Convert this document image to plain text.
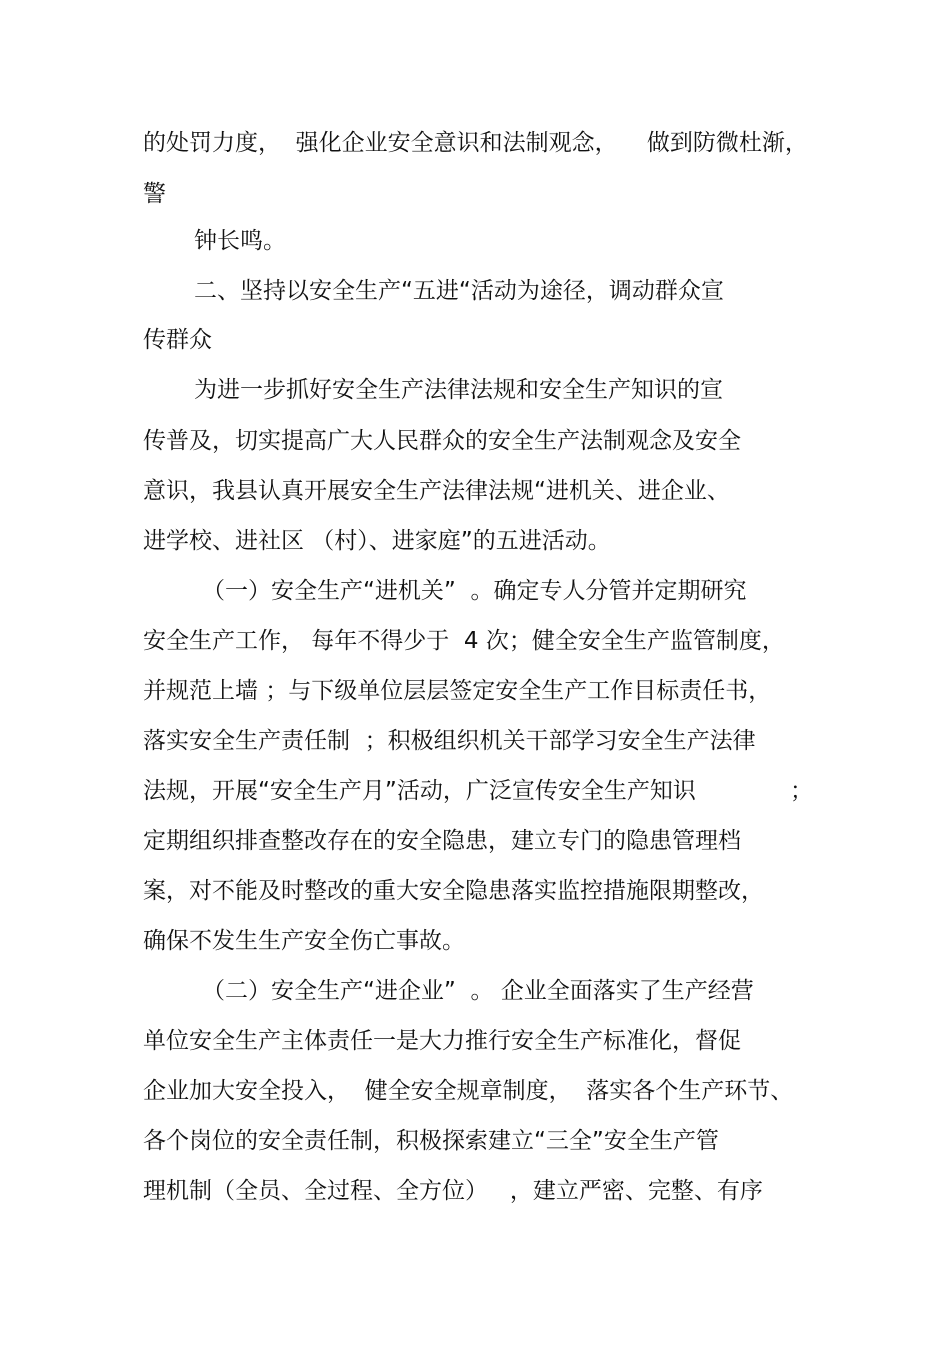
的处罚力度，  强化企业安全意识和法制观念，    做到防微杜渐，

警

钟长鸣。

二、坚持以安全生产“五进“活动为途径，调动群众宣

传群众

为进一步抓好安全生产法律法规和安全生产知识的宣

传普及，切实提高广大人民群众的安全生产法制观念及安全

意识，我县认真开展安全生产法律法规“进机关、进企业、

进学校、进社区 （村）、进家庭”的五进活动。

（一）安全生产“进机关”  。确定专人分管并定期研究

安全生产工作， 每年不得少于  4 次；健全安全生产监管制度，

并规范上墙 ；与下级单位层层签定安全生产工作目标责任书，

落实安全生产责任制  ；积极组织机关干部学习安全生产法律

法规，开展“安全生产月”活动，广泛宣传安全生产知识	；

定期组织排查整改存在的安全隐患，建立专门的隐患管理档

案，对不能及时整改的重大安全隐患落实监控措施限期整改，

确保不发生生产安全伤亡事故。

（二）安全生产“进企业”  。 企业全面落实了生产经营

单位安全生产主体责任一是大力推行安全生产标准化，督促

企业加大安全投入，  健全安全规章制度，  落实各个生产环节、

各个岗位的安全责任制，积极探索建立“三全”安全生产管

理机制（全员、全过程、全方位）   ，建立严密、完整、有序
